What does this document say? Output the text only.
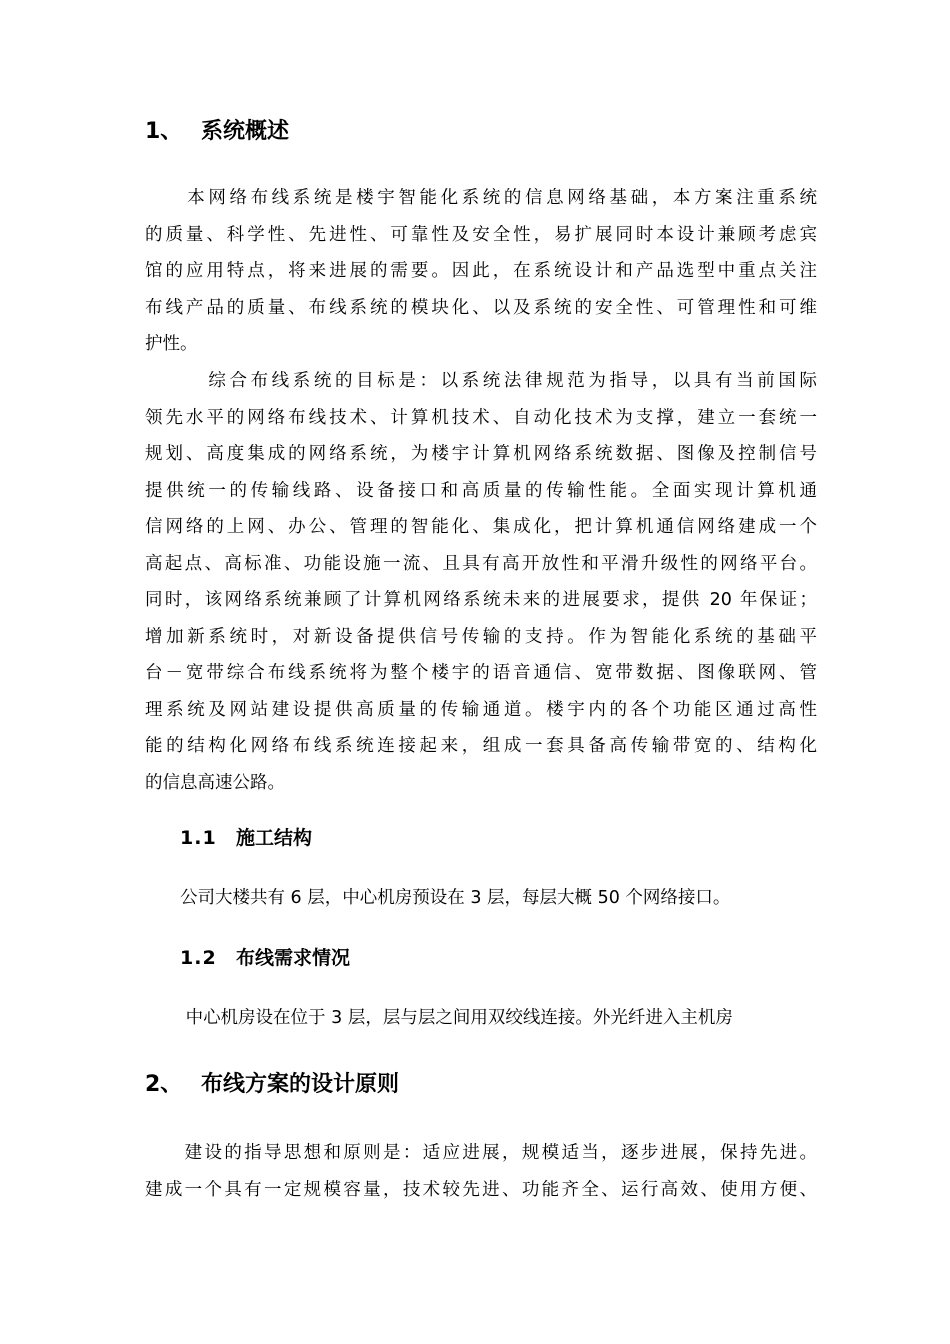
1、 系统概述
　　本网络布线系统是楼宇智能化系统的信息网络基础，本方案注重系统
的质量、科学性、先进性、可靠性及安全性，易扩展同时本设计兼顾考虑宾
馆的应用特点，将来进展的需要。因此，在系统设计和产品选型中重点关注
布线产品的质量、布线系统的模块化、以及系统的安全性、可管理性和可维
护性。
　　　综合布线系统的目标是：以系统法律规范为指导，以具有当前国际
领先水平的网络布线技术、计算机技术、自动化技术为支撑，建立一套统一
规划、高度集成的网络系统，为楼宇计算机网络系统数据、图像及控制信号
提供统一的传输线路、设备接口和高质量的传输性能。全面实现计算机通
信网络的上网、办公、管理的智能化、集成化，把计算机通信网络建成一个
高起点、高标准、功能设施一流、且具有高开放性和平滑升级性的网络平台。
同时，该网络系统兼顾了计算机网络系统未来的进展要求，提供 20 年保证；
增加新系统时，对新设备提供信号传输的支持。作为智能化系统的基础平
台－宽带综合布线系统将为整个楼宇的语音通信、宽带数据、图像联网、管
理系统及网站建设提供高质量的传输通道。楼宇内的各个功能区通过高性
能的结构化网络布线系统连接起来，组成一套具备高传输带宽的、结构化
的信息高速公路。
1.1 施工结构
　　公司大楼共有 6 层，中心机房预设在 3 层，每层大概 50 个网络接口。
1.2 布线需求情况
　　 中心机房设在位于 3 层，层与层之间用双绞线连接。外光纤进入主机房
2、 布线方案的设计原则
　　建设的指导思想和原则是：适应进展，规模适当，逐步进展，保持先进。
建成一个具有一定规模容量，技术较先进、功能齐全、运行高效、使用方便、
